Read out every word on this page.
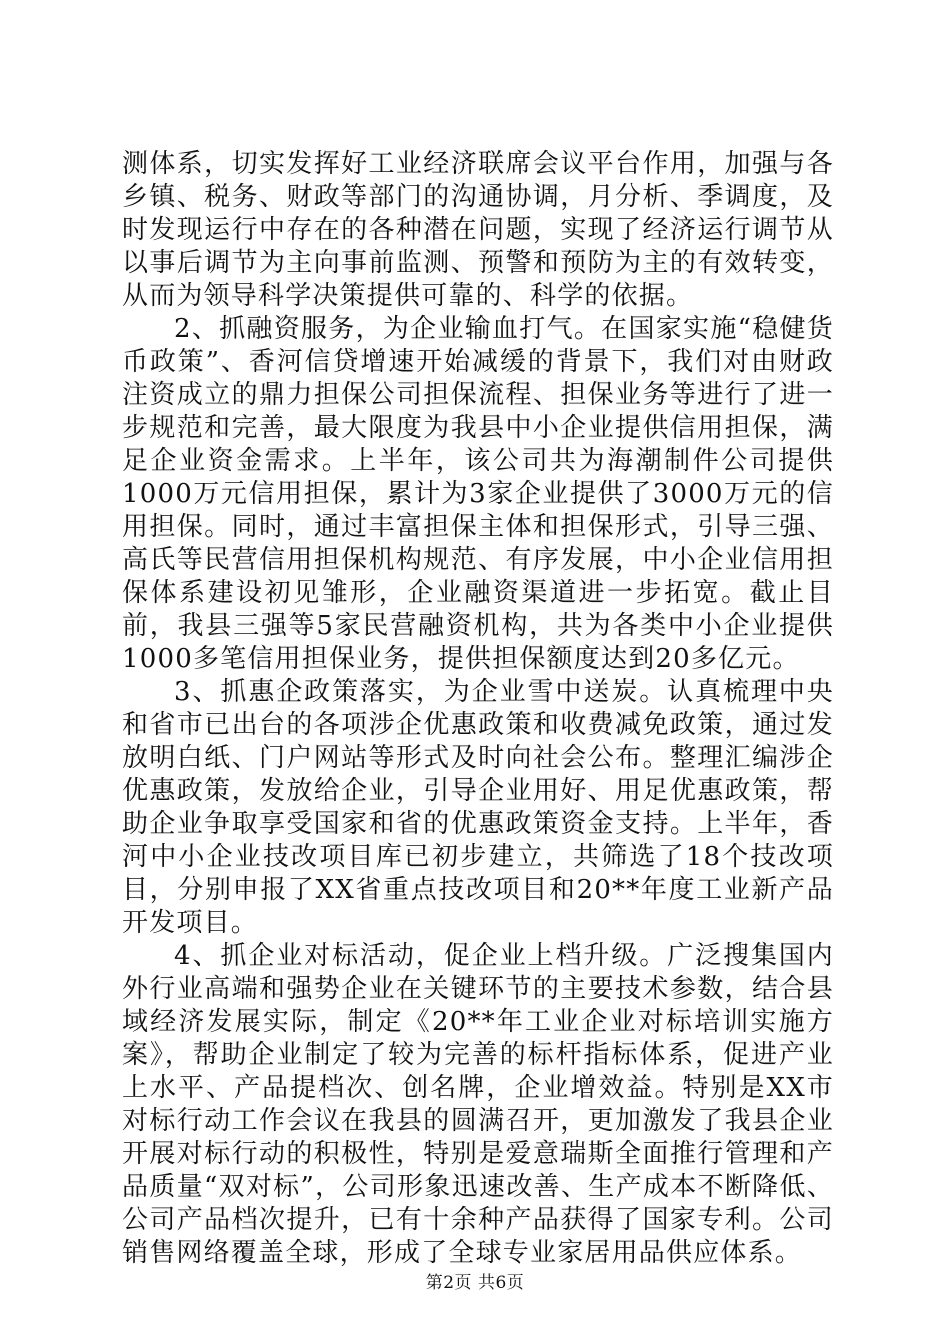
测体系，切实发挥好工业经济联席会议平台作用，加强与各乡镇、税务、财政等部门的沟通协调，月分析、季调度，及时发现运行中存在的各种潜在问题，实现了经济运行调节从以事后调节为主向事前监测、预警和预防为主的有效转变，从而为领导科学决策提供可靠的、科学的依据。

2、抓融资服务，为企业输血打气。在国家实施“稳健货币政策”、香河信贷增速开始减缓的背景下，我们对由财政注资成立的鼎力担保公司担保流程、担保业务等进行了进一步规范和完善，最大限度为我县中小企业提供信用担保，满足企业资金需求。上半年，该公司共为海潮制件公司提供1000万元信用担保，累计为3家企业提供了3000万元的信用担保。同时，通过丰富担保主体和担保形式，引导三强、高氏等民营信用担保机构规范、有序发展，中小企业信用担保体系建设初见雏形，企业融资渠道进一步拓宽。截止目前，我县三强等5家民营融资机构，共为各类中小企业提供1000多笔信用担保业务，提供担保额度达到20多亿元。

3、抓惠企政策落实，为企业雪中送炭。认真梳理中央和省市已出台的各项涉企优惠政策和收费减免政策，通过发放明白纸、门户网站等形式及时向社会公布。整理汇编涉企优惠政策，发放给企业，引导企业用好、用足优惠政策，帮助企业争取享受国家和省的优惠政策资金支持。上半年，香河中小企业技改项目库已初步建立，共筛选了18个技改项目，分别申报了XX省重点技改项目和20**年度工业新产品开发项目。

4、抓企业对标活动，促企业上档升级。广泛搜集国内外行业高端和强势企业在关键环节的主要技术参数，结合县域经济发展实际，制定《20**年工业企业对标培训实施方案》，帮助企业制定了较为完善的标杆指标体系，促进产业上水平、产品提档次、创名牌，企业增效益。特别是XX市对标行动工作会议在我县的圆满召开，更加激发了我县企业开展对标行动的积极性，特别是爱意瑞斯全面推行管理和产品质量“双对标”，公司形象迅速改善、生产成本不断降低、公司产品档次提升，已有十余种产品获得了国家专利。公司销售网络覆盖全球，形成了全球专业家居用品供应体系。

第2页 共6页
